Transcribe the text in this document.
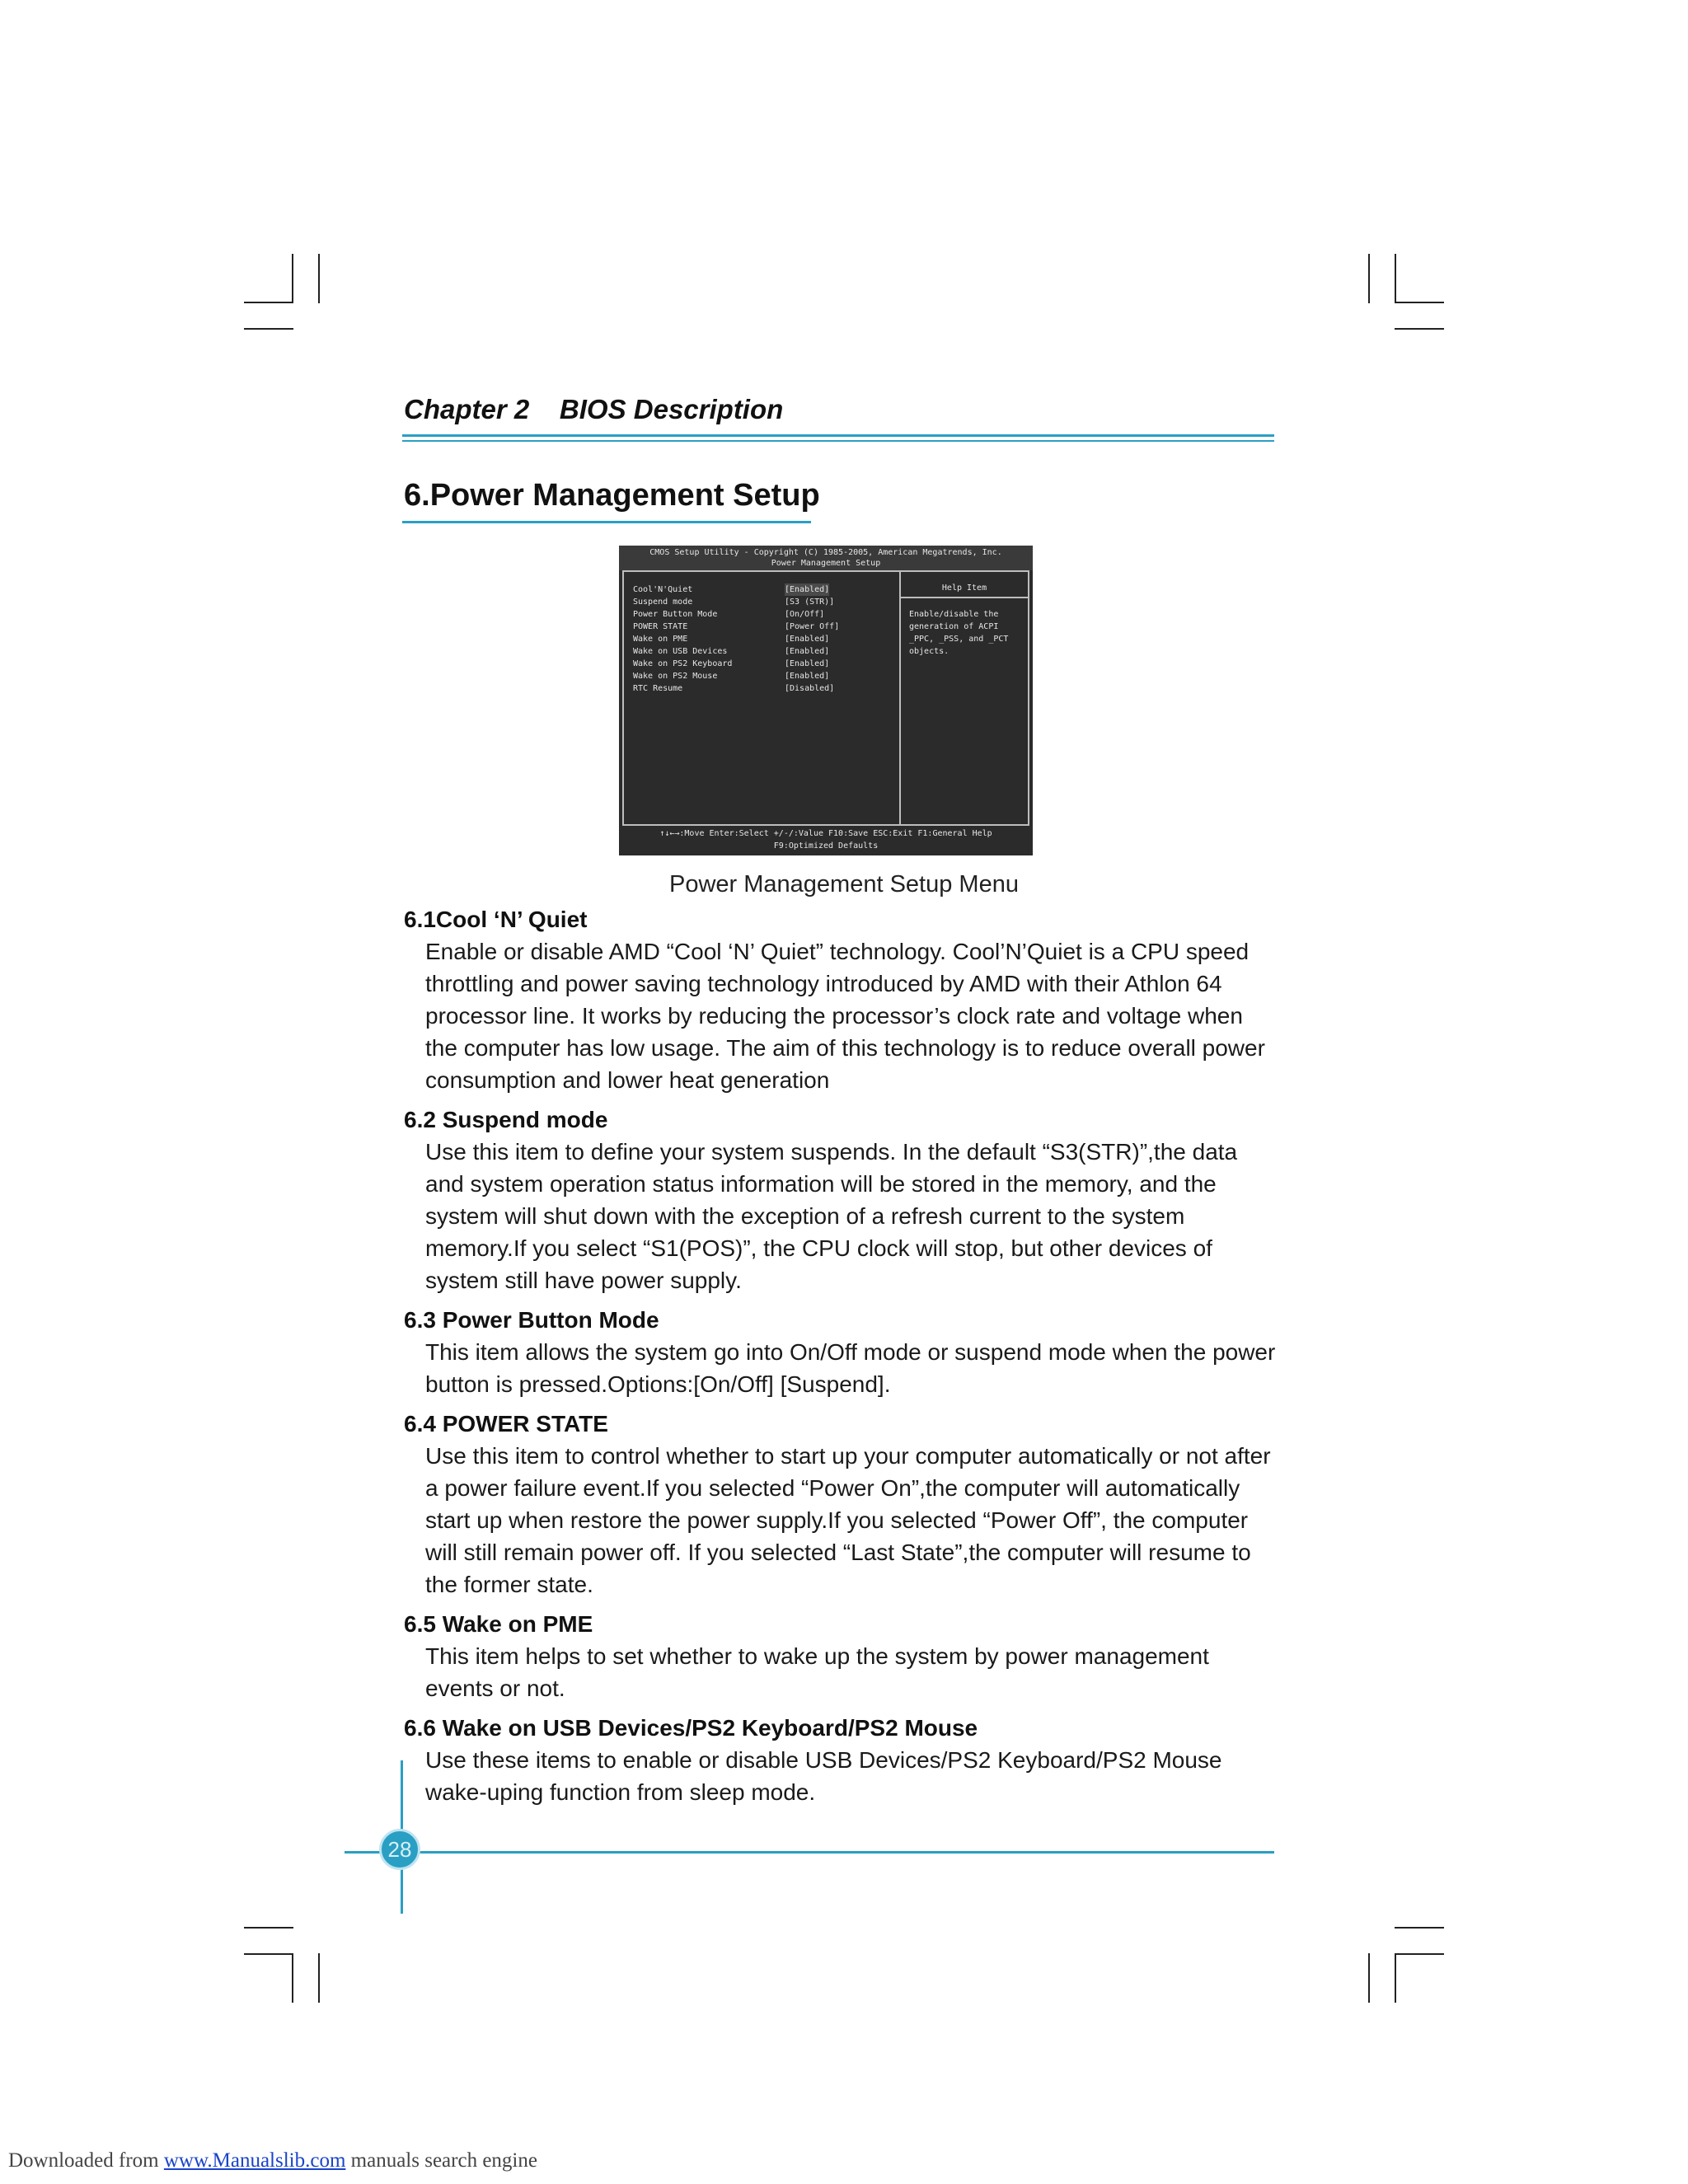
Chapter 2 BIOS Description
6.Power Management Setup
CMOS Setup Utility - Copyright (C) 1985-2005, American Megatrends, Inc.
Power Management Setup
Cool'N'Quiet
Suspend mode
Power Button Mode
POWER STATE
Wake on PME
Wake on USB Devices
Wake on PS2 Keyboard
Wake on PS2 Mouse
RTC Resume
[Enabled]
[S3 (STR)]
[On/Off]
[Power Off]
[Enabled]
[Enabled]
[Enabled]
[Enabled]
[Disabled]
Help Item
Enable/disable the generation of ACPI _PPC, _PSS, and _PCT objects.
↑↓←→:Move Enter:Select +/-/:Value F10:Save ESC:Exit F1:General Help
F9:Optimized Defaults
Power Management Setup Menu

6.1Cool ‘N’ Quiet

Enable or disable AMD “Cool ‘N’ Quiet” technology. Cool’N’Quiet is a CPU speed throttling and power saving technology introduced by AMD with their Athlon 64 processor line. It works by reducing the processor’s clock rate and voltage when the computer has low usage. The aim of this technology is to reduce overall power consumption and lower heat generation

6.2 Suspend mode

Use this item to define your system suspends. In the default “S3(STR)”,the data and system operation status information will be stored in the memory, and the system will shut down with the exception of a refresh current to the system memory.If you select “S1(POS)”, the CPU clock will stop, but other devices of system still have power supply.

6.3 Power Button Mode

This item allows the system go into On/Off mode or suspend mode when the power button is pressed.Options:[On/Off] [Suspend].

6.4 POWER STATE

Use this item to control whether to start up your computer automatically or not after a power failure event.If you selected “Power On”,the computer will automatically start up when restore the power supply.If you selected “Power Off”, the computer will still remain power off. If you selected “Last State”,the computer will resume to the former state.

6.5 Wake on PME

This item helps to set whether to wake up the system by power management events or not.

6.6 Wake on USB Devices/PS2 Keyboard/PS2 Mouse

Use these items to enable or disable USB Devices/PS2 Keyboard/PS2 Mouse wake-uping function from sleep mode.

28
Downloaded from www.Manualslib.com manuals search engine
